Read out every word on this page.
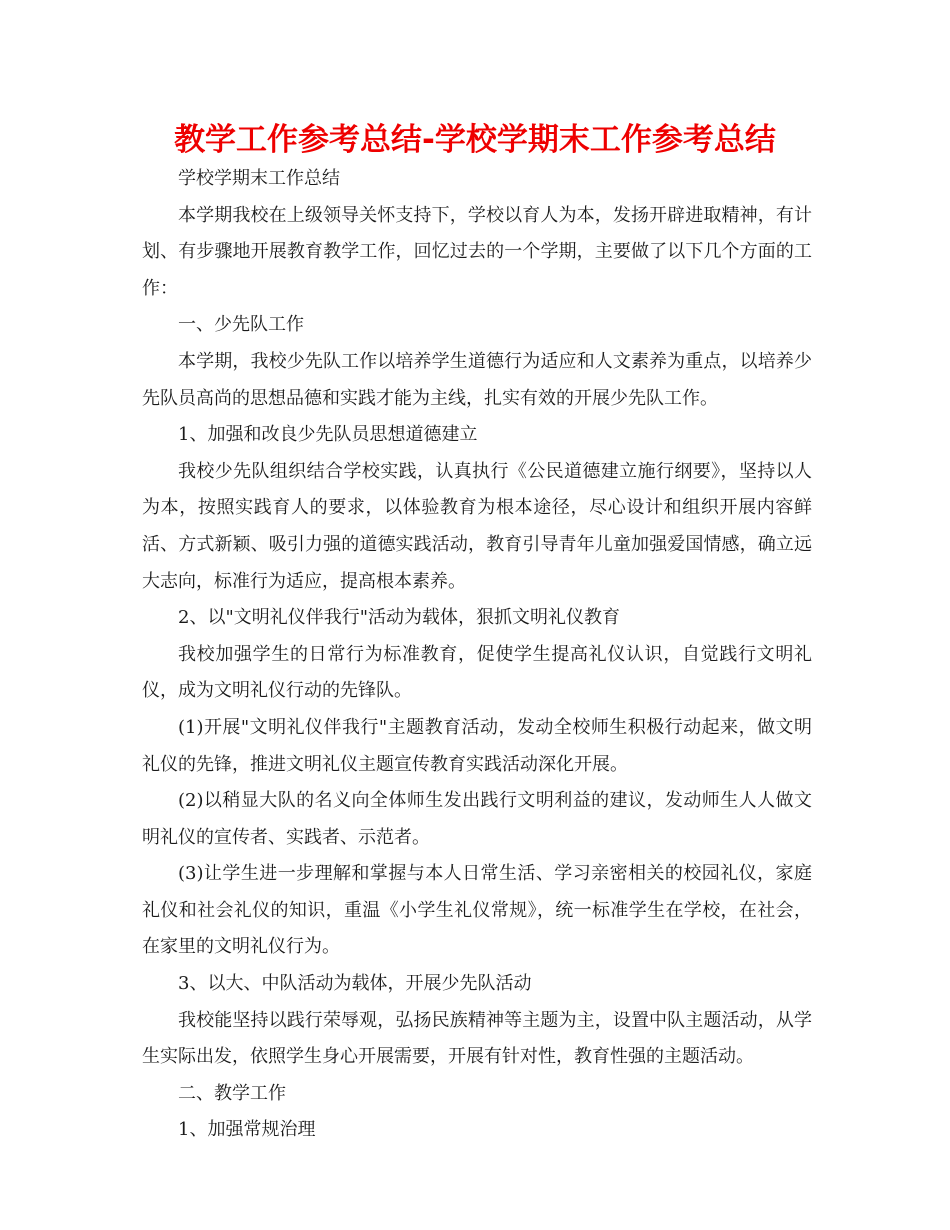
教学工作参考总结-学校学期末工作参考总结

学校学期末工作总结

本学期我校在上级领导关怀支持下，学校以育人为本，发扬开辟进取精神，有计划、有步骤地开展教育教学工作，回忆过去的一个学期，主要做了以下几个方面的工作：

一、少先队工作

本学期，我校少先队工作以培养学生道德行为适应和人文素养为重点，以培养少先队员高尚的思想品德和实践才能为主线，扎实有效的开展少先队工作。

1、加强和改良少先队员思想道德建立

我校少先队组织结合学校实践，认真执行《公民道德建立施行纲要》，坚持以人为本，按照实践育人的要求，以体验教育为根本途径，尽心设计和组织开展内容鲜活、方式新颖、吸引力强的道德实践活动，教育引导青年儿童加强爱国情感，确立远大志向，标准行为适应，提高根本素养。

2、以"文明礼仪伴我行"活动为载体，狠抓文明礼仪教育

我校加强学生的日常行为标准教育，促使学生提高礼仪认识，自觉践行文明礼仪，成为文明礼仪行动的先锋队。

(1)开展"文明礼仪伴我行"主题教育活动，发动全校师生积极行动起来，做文明礼仪的先锋，推进文明礼仪主题宣传教育实践活动深化开展。

(2)以稍显大队的名义向全体师生发出践行文明利益的建议，发动师生人人做文明礼仪的宣传者、实践者、示范者。

(3)让学生进一步理解和掌握与本人日常生活、学习亲密相关的校园礼仪，家庭礼仪和社会礼仪的知识，重温《小学生礼仪常规》，统一标准学生在学校，在社会，在家里的文明礼仪行为。

3、以大、中队活动为载体，开展少先队活动

我校能坚持以践行荣辱观，弘扬民族精神等主题为主，设置中队主题活动，从学生实际出发，依照学生身心开展需要，开展有针对性，教育性强的主题活动。

二、教学工作

1、加强常规治理
